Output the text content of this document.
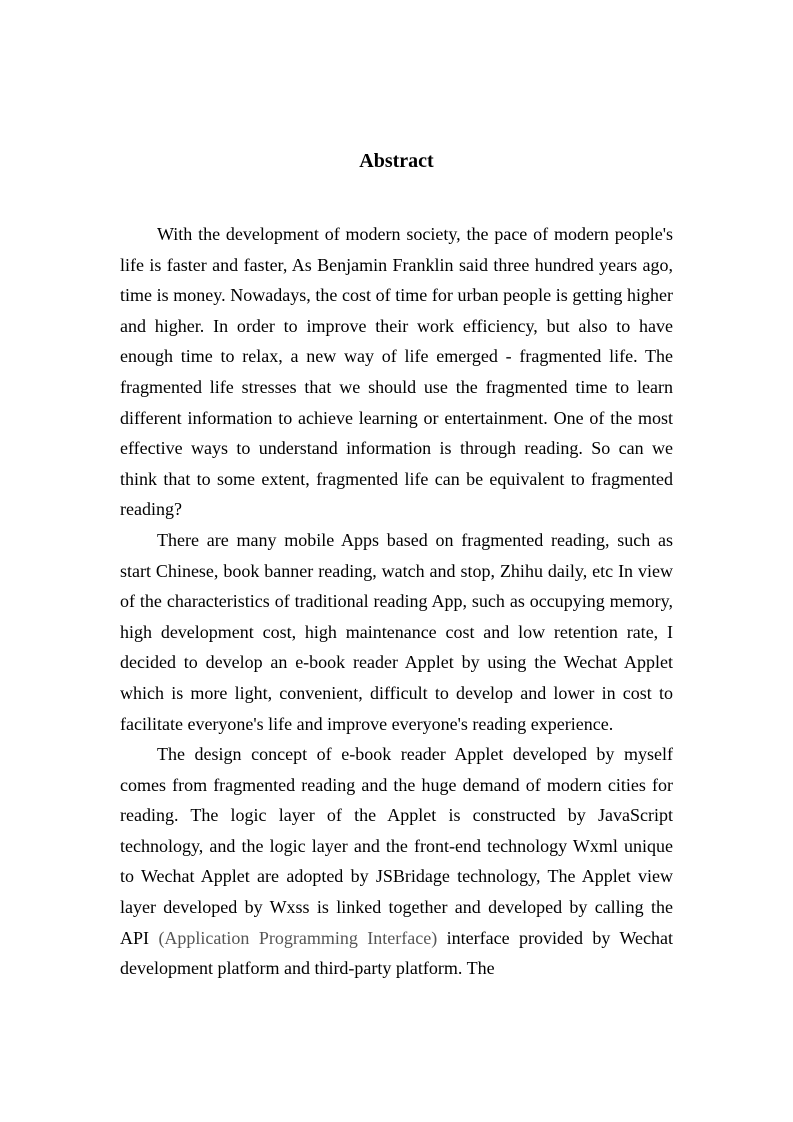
Abstract

With the development of modern society, the pace of modern people's life is faster and faster, As Benjamin Franklin said three hundred years ago, time is money. Nowadays, the cost of time for urban people is getting higher and higher. In order to improve their work efficiency, but also to have enough time to relax, a new way of life emerged - fragmented life. The fragmented life stresses that we should use the fragmented time to learn different information to achieve learning or entertainment. One of the most effective ways to understand information is through reading. So can we think that to some extent, fragmented life can be equivalent to fragmented reading?

There are many mobile Apps based on fragmented reading, such as start Chinese, book banner reading, watch and stop, Zhihu daily, etc In view of the characteristics of traditional reading App, such as occupying memory, high development cost, high maintenance cost and low retention rate, I decided to develop an e-book reader Applet by using the Wechat Applet which is more light, convenient, difficult to develop and lower in cost to facilitate everyone's life and improve everyone's reading experience.

The design concept of e-book reader Applet developed by myself comes from fragmented reading and the huge demand of modern cities for reading. The logic layer of the Applet is constructed by JavaScript technology, and the logic layer and the front-end technology Wxml unique to Wechat Applet are adopted by JSBridage technology, The Applet view layer developed by Wxss is linked together and developed by calling the API (Application Programming Interface) interface provided by Wechat development platform and third-party platform. The
